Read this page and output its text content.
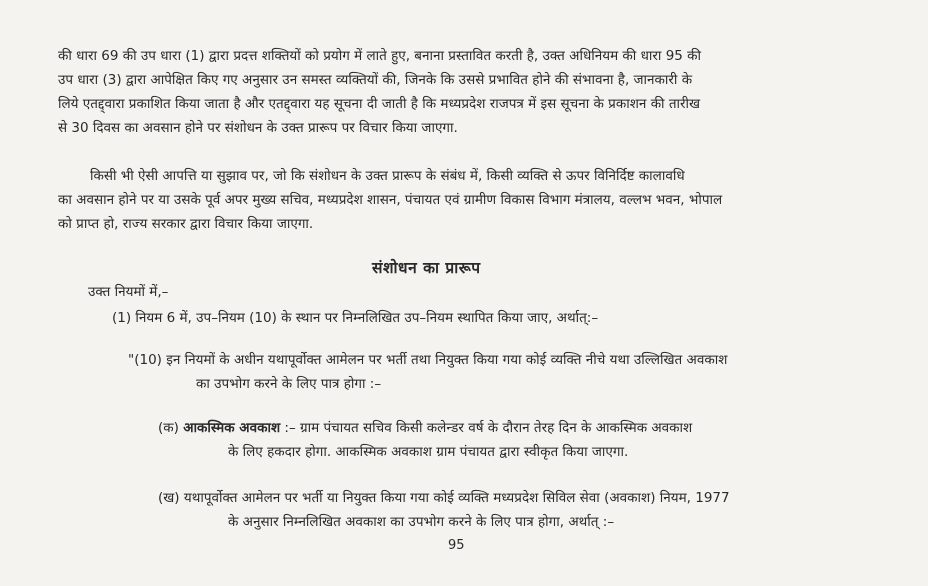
की धारा 69 की उप धारा (1) द्वारा प्रदत्त शक्तियों को प्रयोग में लाते हुए, बनाना प्रस्तावित करती है, उक्त अधिनियम की धारा 95 की
उप धारा (3) द्वारा आपेक्षित किए गए अनुसार उन समस्त व्यक्तियों की, जिनके कि उससे प्रभावित होने की संभावना है, जानकारी के
लिये एतद्द्वारा प्रकाशित किया जाता है और एतद्द्वारा यह सूचना दी जाती है कि मध्यप्रदेश राजपत्र में इस सूचना के प्रकाशन की तारीख
से 30 दिवस का अवसान होने पर संशोधन के उक्त प्रारूप पर विचार किया जाएगा.
किसी भी ऐसी आपत्ति या सुझाव पर, जो कि संशोधन के उक्त प्रारूप के संबंध में, किसी व्यक्ति से ऊपर विनिर्दिष्ट कालावधि
का अवसान होने पर या उसके पूर्व अपर मुख्य सचिव, मध्यप्रदेश शासन, पंचायत एवं ग्रामीण विकास विभाग मंत्रालय, वल्लभ भवन, भोपाल
को प्राप्त हो, राज्य सरकार द्वारा विचार किया जाएगा.
संशोधन का प्रारूप
उक्त नियमों में,–
(1) नियम 6 में, उप–नियम (10) के स्थान पर निम्नलिखित उप–नियम स्थापित किया जाए, अर्थात्:–
"(10) इन नियमों के अधीन यथापूर्वोक्त आमेलन पर भर्ती तथा नियुक्त किया गया कोई व्यक्ति नीचे यथा उल्लिखित अवकाश
का उपभोग करने के लिए पात्र होगा :–
(क) आकस्मिक अवकाश :– ग्राम पंचायत सचिव किसी कलेन्डर वर्ष के दौरान तेरह दिन के आकस्मिक अवकाश
के लिए हकदार होगा. आकस्मिक अवकाश ग्राम पंचायत द्वारा स्वीकृत किया जाएगा.
(ख) यथापूर्वोक्त आमेलन पर भर्ती या नियुक्त किया गया कोई व्यक्ति मध्यप्रदेश सिविल सेवा (अवकाश) नियम, 1977
के अनुसार निम्नलिखित अवकाश का उपभोग करने के लिए पात्र होगा, अर्थात् :–
95
